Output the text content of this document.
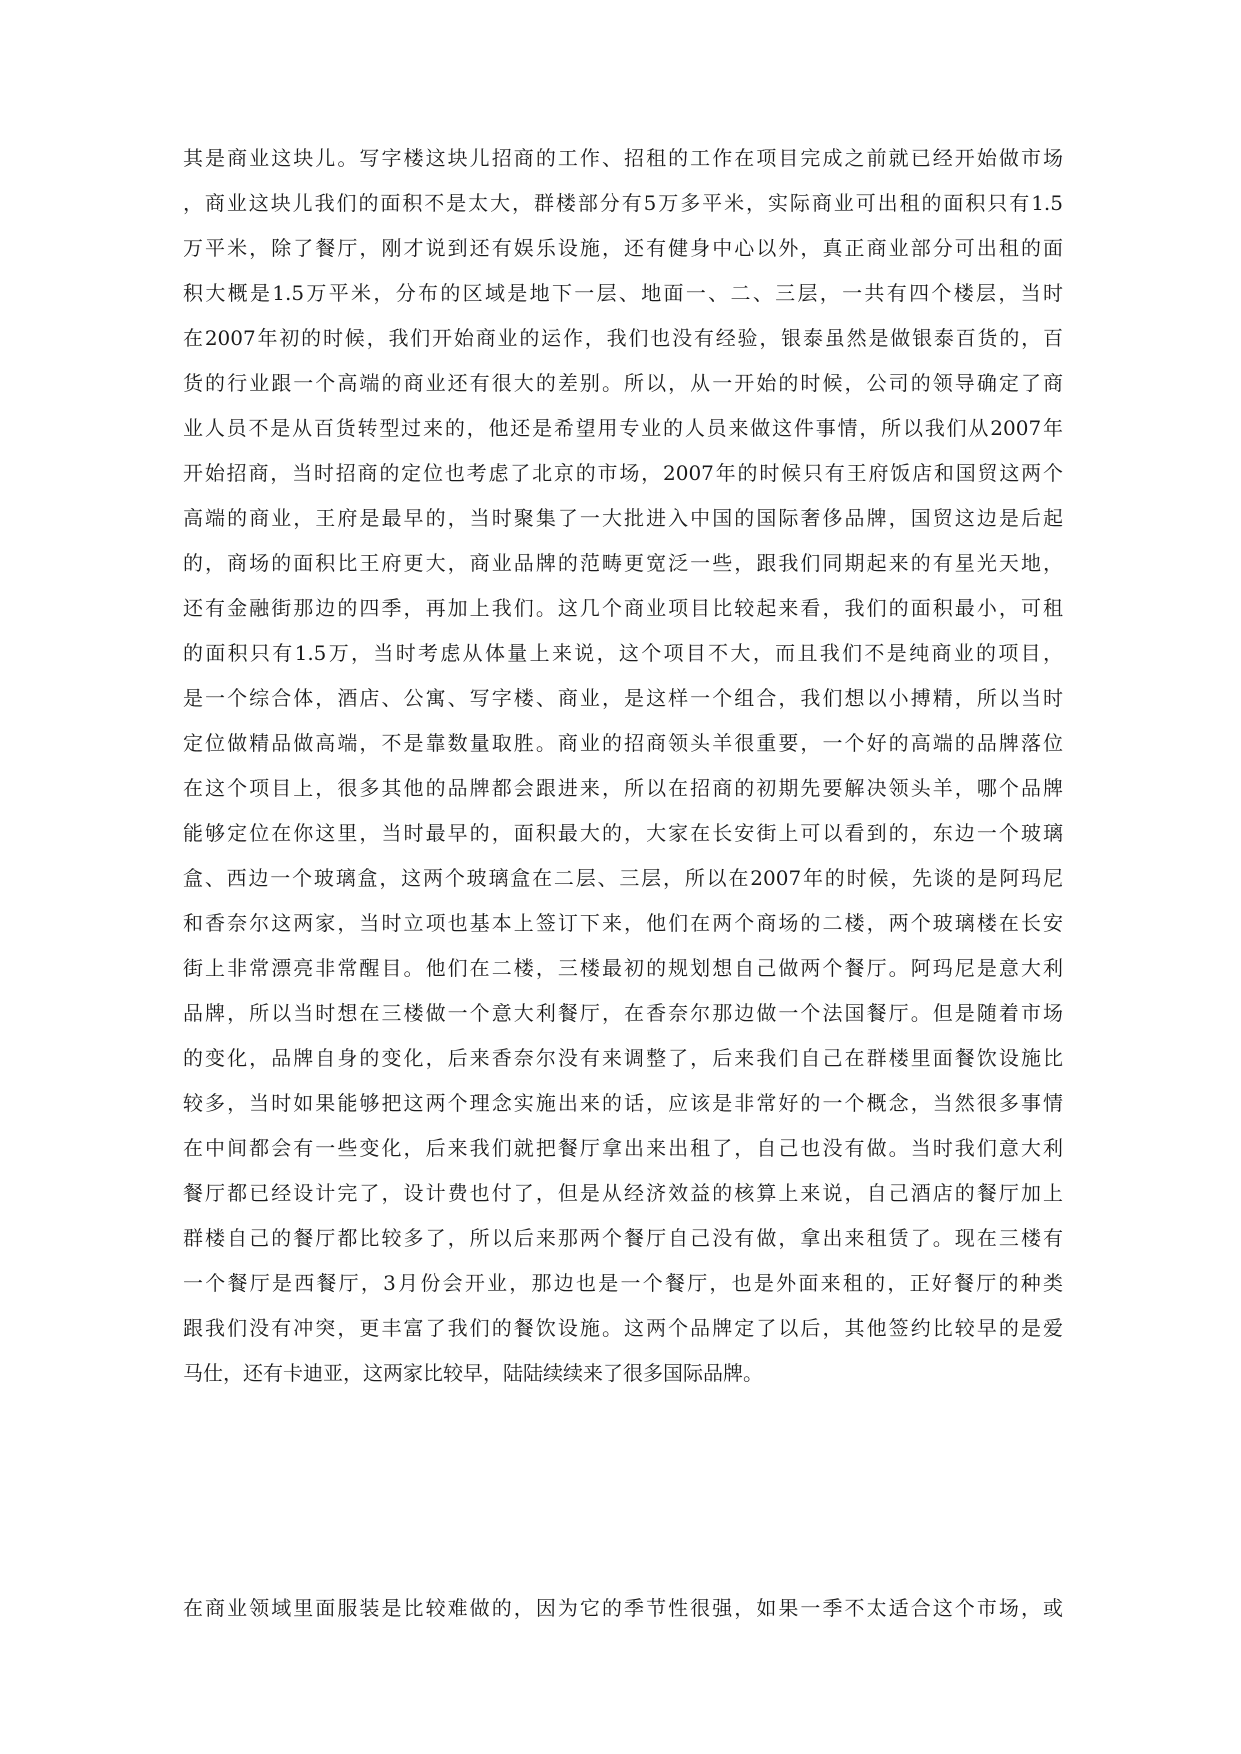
其是商业这块儿。写字楼这块儿招商的工作、招租的工作在项目完成之前就已经开始做市场

，商业这块儿我们的面积不是太大，群楼部分有5万多平米，实际商业可出租的面积只有1.5

万平米，除了餐厅，刚才说到还有娱乐设施，还有健身中心以外，真正商业部分可出租的面

积大概是1.5万平米，分布的区域是地下一层、地面一、二、三层，一共有四个楼层，当时

在2007年初的时候，我们开始商业的运作，我们也没有经验，银泰虽然是做银泰百货的，百

货的行业跟一个高端的商业还有很大的差别。所以，从一开始的时候，公司的领导确定了商

业人员不是从百货转型过来的，他还是希望用专业的人员来做这件事情，所以我们从2007年

开始招商，当时招商的定位也考虑了北京的市场，2007年的时候只有王府饭店和国贸这两个

高端的商业，王府是最早的，当时聚集了一大批进入中国的国际奢侈品牌，国贸这边是后起

的，商场的面积比王府更大，商业品牌的范畴更宽泛一些，跟我们同期起来的有星光天地，

还有金融街那边的四季，再加上我们。这几个商业项目比较起来看，我们的面积最小，可租

的面积只有1.5万，当时考虑从体量上来说，这个项目不大，而且我们不是纯商业的项目，

是一个综合体，酒店、公寓、写字楼、商业，是这样一个组合，我们想以小搏精，所以当时

定位做精品做高端，不是靠数量取胜。商业的招商领头羊很重要，一个好的高端的品牌落位

在这个项目上，很多其他的品牌都会跟进来，所以在招商的初期先要解决领头羊，哪个品牌

能够定位在你这里，当时最早的，面积最大的，大家在长安街上可以看到的，东边一个玻璃

盒、西边一个玻璃盒，这两个玻璃盒在二层、三层，所以在2007年的时候，先谈的是阿玛尼

和香奈尔这两家，当时立项也基本上签订下来，他们在两个商场的二楼，两个玻璃楼在长安

街上非常漂亮非常醒目。他们在二楼，三楼最初的规划想自己做两个餐厅。阿玛尼是意大利

品牌，所以当时想在三楼做一个意大利餐厅，在香奈尔那边做一个法国餐厅。但是随着市场

的变化，品牌自身的变化，后来香奈尔没有来调整了，后来我们自己在群楼里面餐饮设施比

较多，当时如果能够把这两个理念实施出来的话，应该是非常好的一个概念，当然很多事情

在中间都会有一些变化，后来我们就把餐厅拿出来出租了，自己也没有做。当时我们意大利

餐厅都已经设计完了，设计费也付了，但是从经济效益的核算上来说，自己酒店的餐厅加上

群楼自己的餐厅都比较多了，所以后来那两个餐厅自己没有做，拿出来租赁了。现在三楼有

一个餐厅是西餐厅，3月份会开业，那边也是一个餐厅，也是外面来租的，正好餐厅的种类

跟我们没有冲突，更丰富了我们的餐饮设施。这两个品牌定了以后，其他签约比较早的是爱

马仕，还有卡迪亚，这两家比较早，陆陆续续来了很多国际品牌。

在商业领域里面服装是比较难做的，因为它的季节性很强，如果一季不太适合这个市场，或
